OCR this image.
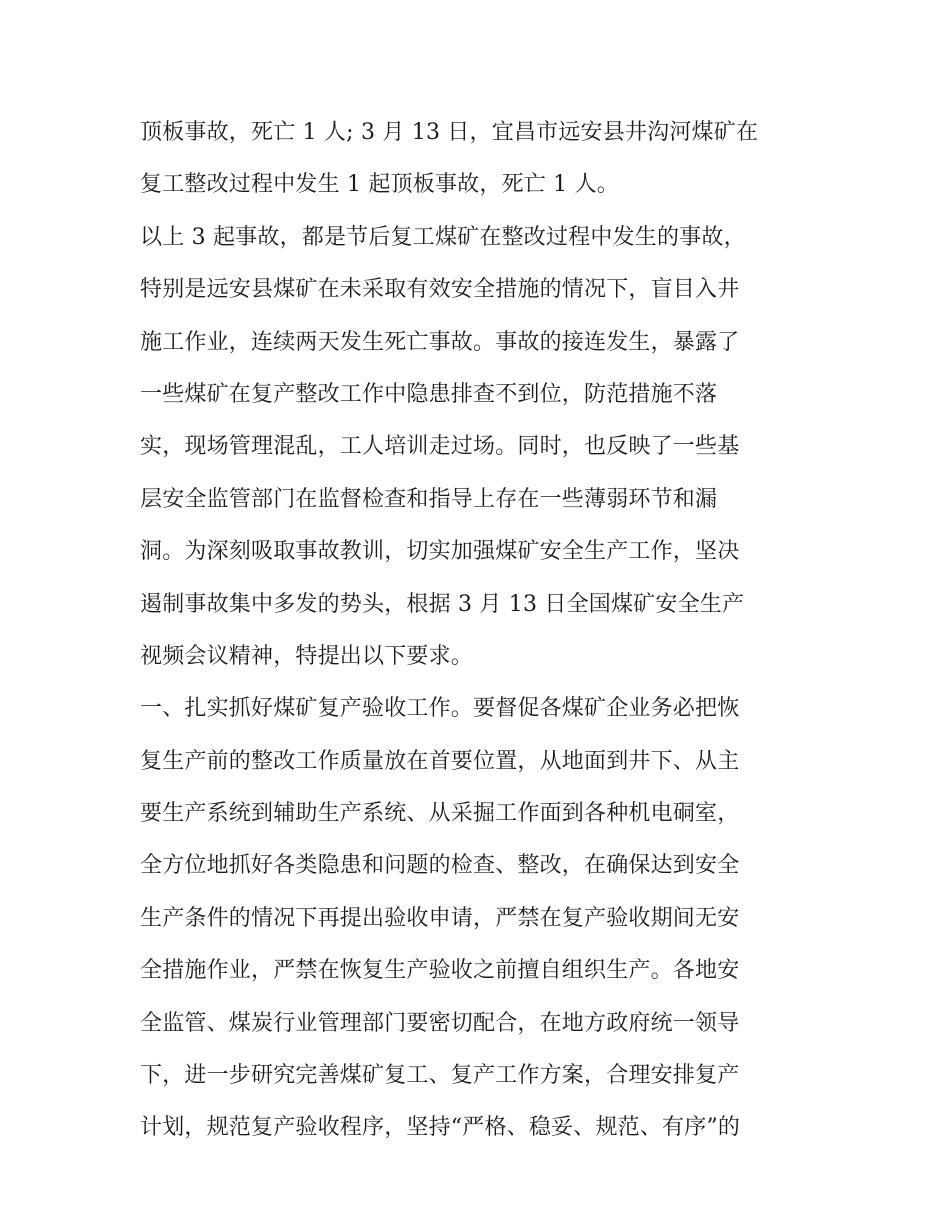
顶板事故，死亡 1 人; 3 月 13 日，宜昌市远安县井沟河煤矿在
复工整改过程中发生 1 起顶板事故，死亡 1 人。
以上 3 起事故，都是节后复工煤矿在整改过程中发生的事故，
特别是远安县煤矿在未采取有效安全措施的情况下，盲目入井
施工作业，连续两天发生死亡事故。事故的接连发生，暴露了
一些煤矿在复产整改工作中隐患排查不到位，防范措施不落
实，现场管理混乱，工人培训走过场。同时，也反映了一些基
层安全监管部门在监督检查和指导上存在一些薄弱环节和漏
洞。为深刻吸取事故教训，切实加强煤矿安全生产工作，坚决
遏制事故集中多发的势头，根据 3 月 13 日全国煤矿安全生产
视频会议精神，特提出以下要求。
一、扎实抓好煤矿复产验收工作。要督促各煤矿企业务必把恢
复生产前的整改工作质量放在首要位置，从地面到井下、从主
要生产系统到辅助生产系统、从采掘工作面到各种机电硐室，
全方位地抓好各类隐患和问题的检查、整改，在确保达到安全
生产条件的情况下再提出验收申请，严禁在复产验收期间无安
全措施作业，严禁在恢复生产验收之前擅自组织生产。各地安
全监管、煤炭行业管理部门要密切配合，在地方政府统一领导
下，进一步研究完善煤矿复工、复产工作方案，合理安排复产
计划，规范复产验收程序，坚持“严格、稳妥、规范、有序”的
